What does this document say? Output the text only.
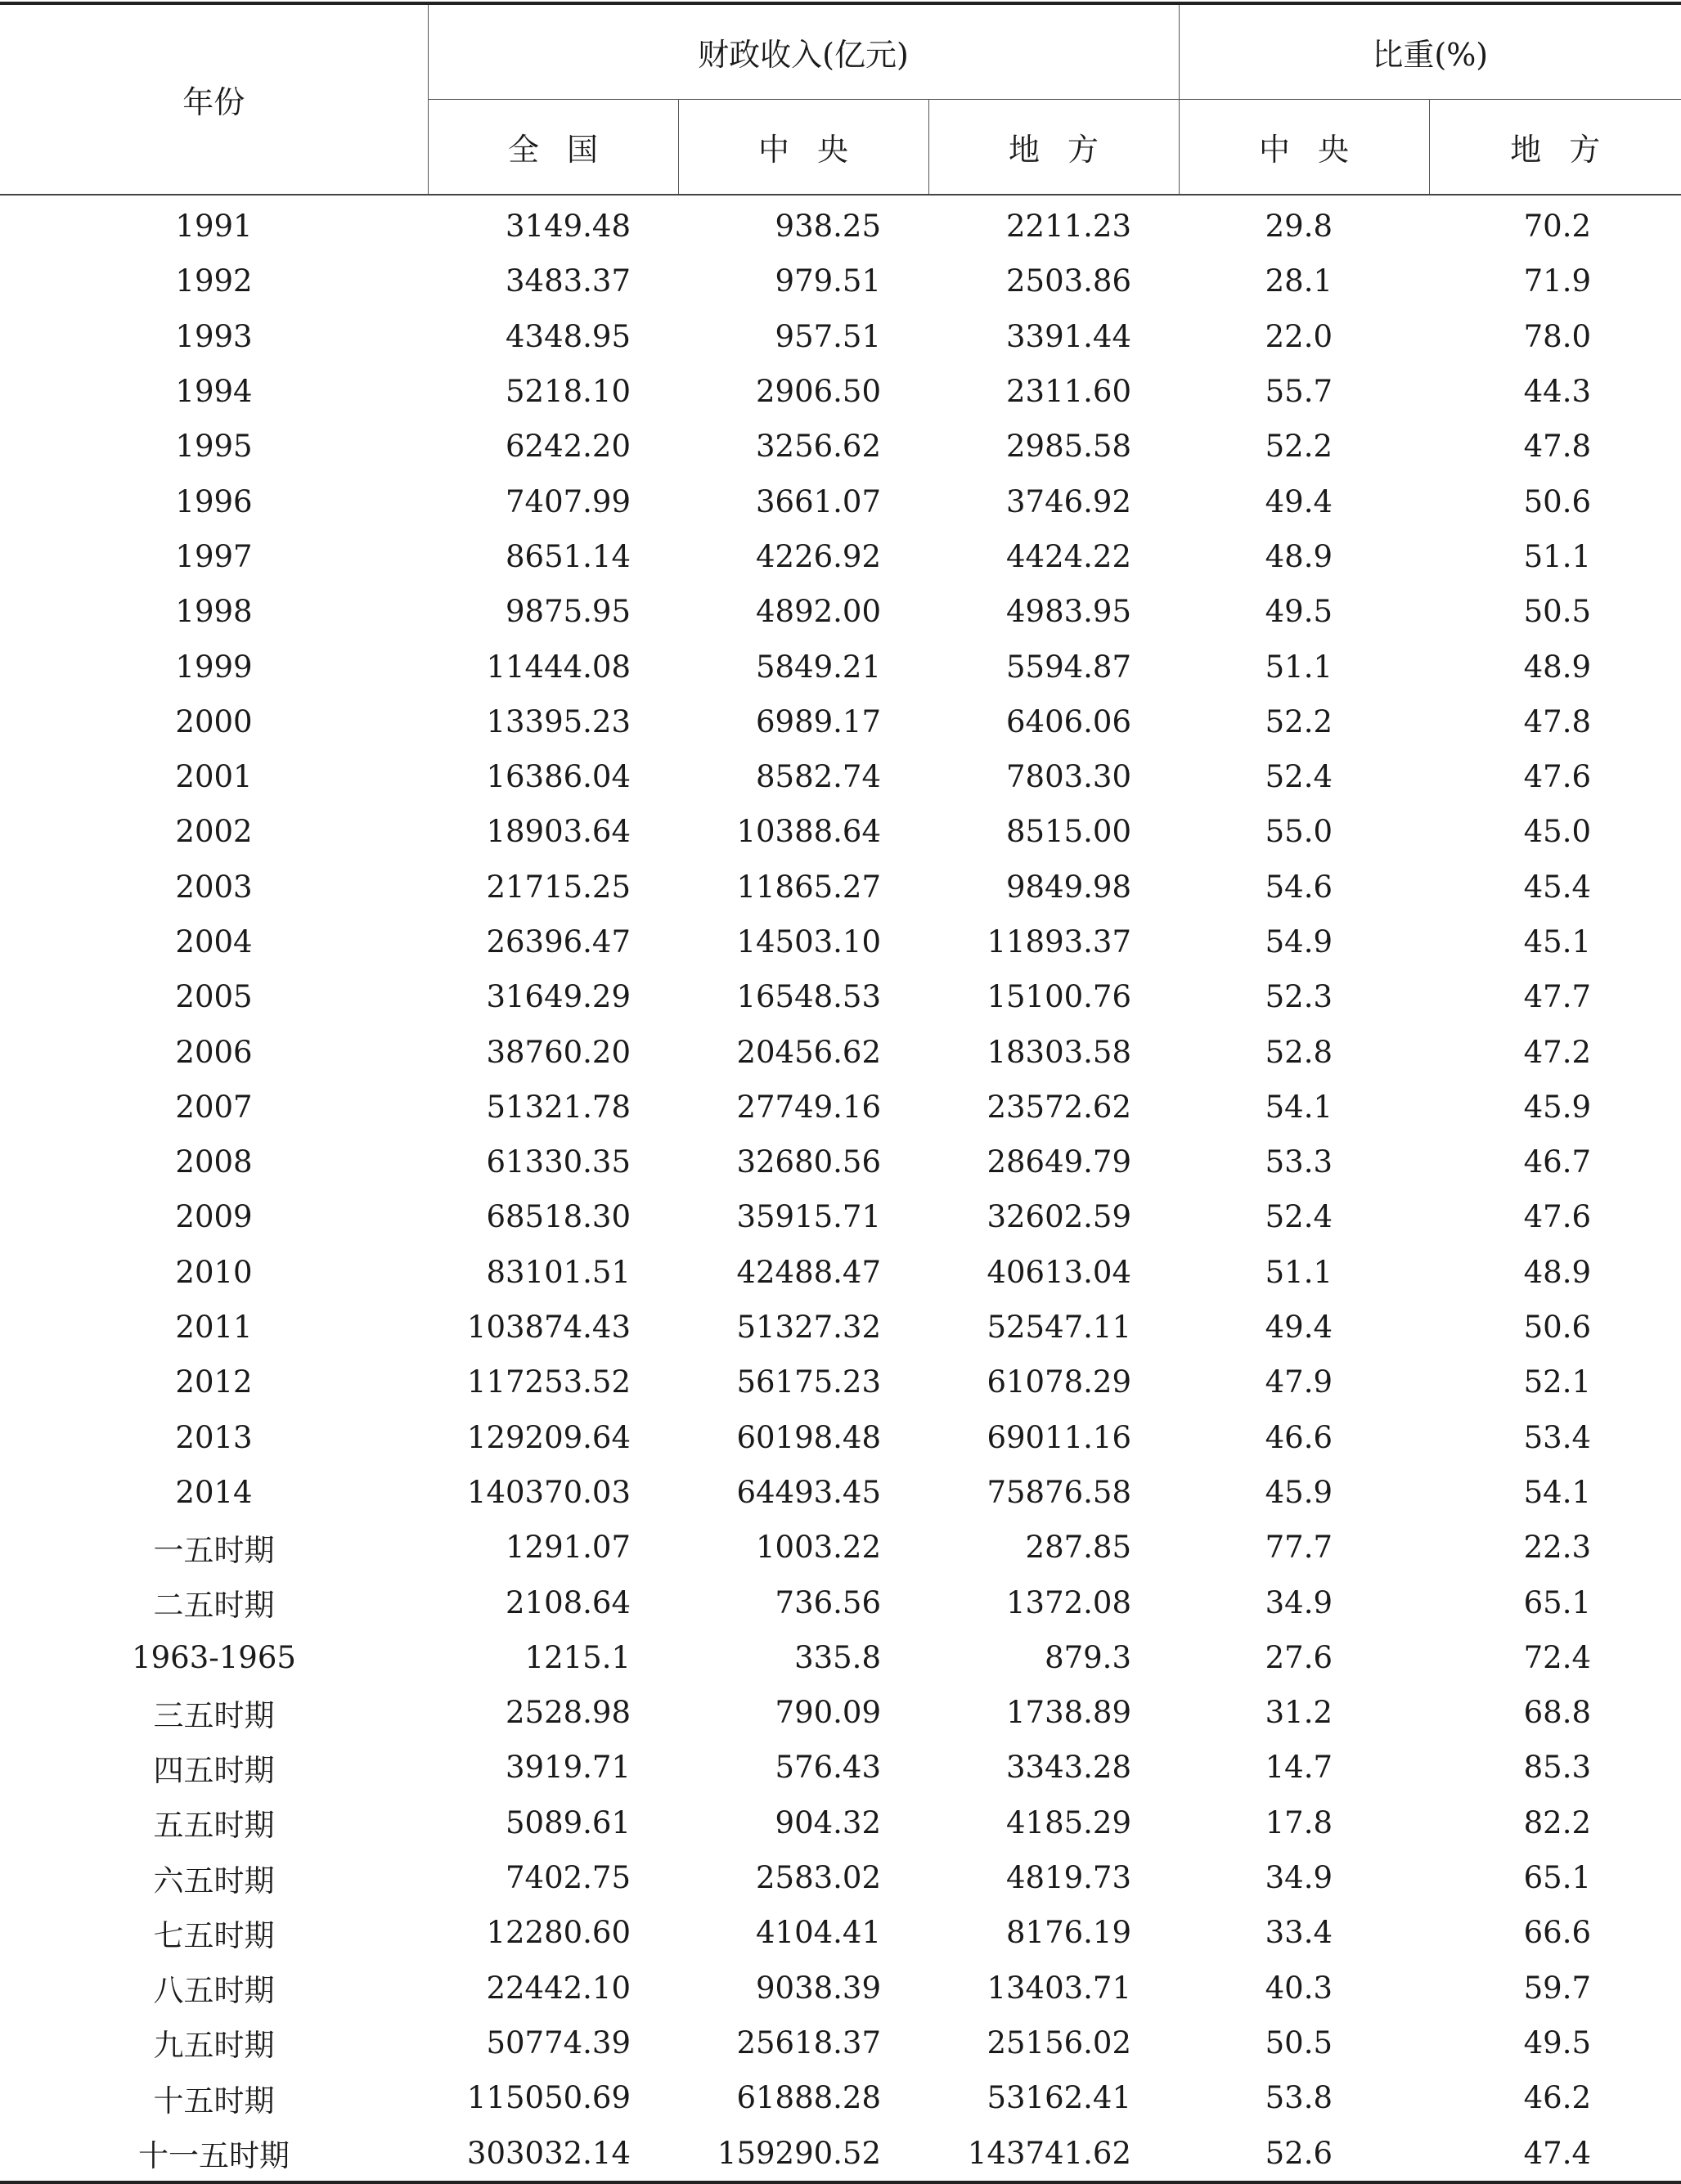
年份	财政收入(亿元)			比重(%)	
	全国	中央	地方	中央	地方
1991	3149.48	938.25	2211.23	29.8	70.2
1992	3483.37	979.51	2503.86	28.1	71.9
1993	4348.95	957.51	3391.44	22.0	78.0
1994	5218.10	2906.50	2311.60	55.7	44.3
1995	6242.20	3256.62	2985.58	52.2	47.8
1996	7407.99	3661.07	3746.92	49.4	50.6
1997	8651.14	4226.92	4424.22	48.9	51.1
1998	9875.95	4892.00	4983.95	49.5	50.5
1999	11444.08	5849.21	5594.87	51.1	48.9
2000	13395.23	6989.17	6406.06	52.2	47.8
2001	16386.04	8582.74	7803.30	52.4	47.6
2002	18903.64	10388.64	8515.00	55.0	45.0
2003	21715.25	11865.27	9849.98	54.6	45.4
2004	26396.47	14503.10	11893.37	54.9	45.1
2005	31649.29	16548.53	15100.76	52.3	47.7
2006	38760.20	20456.62	18303.58	52.8	47.2
2007	51321.78	27749.16	23572.62	54.1	45.9
2008	61330.35	32680.56	28649.79	53.3	46.7
2009	68518.30	35915.71	32602.59	52.4	47.6
2010	83101.51	42488.47	40613.04	51.1	48.9
2011	103874.43	51327.32	52547.11	49.4	50.6
2012	117253.52	56175.23	61078.29	47.9	52.1
2013	129209.64	60198.48	69011.16	46.6	53.4
2014	140370.03	64493.45	75876.58	45.9	54.1
一五时期	1291.07	1003.22	287.85	77.7	22.3
二五时期	2108.64	736.56	1372.08	34.9	65.1
1963-1965	1215.1	335.8	879.3	27.6	72.4
三五时期	2528.98	790.09	1738.89	31.2	68.8
四五时期	3919.71	576.43	3343.28	14.7	85.3
五五时期	5089.61	904.32	4185.29	17.8	82.2
六五时期	7402.75	2583.02	4819.73	34.9	65.1
七五时期	12280.60	4104.41	8176.19	33.4	66.6
八五时期	22442.10	9038.39	13403.71	40.3	59.7
九五时期	50774.39	25618.37	25156.02	50.5	49.5
十五时期	115050.69	61888.28	53162.41	53.8	46.2
十一五时期	303032.14	159290.52	143741.62	52.6	47.4
